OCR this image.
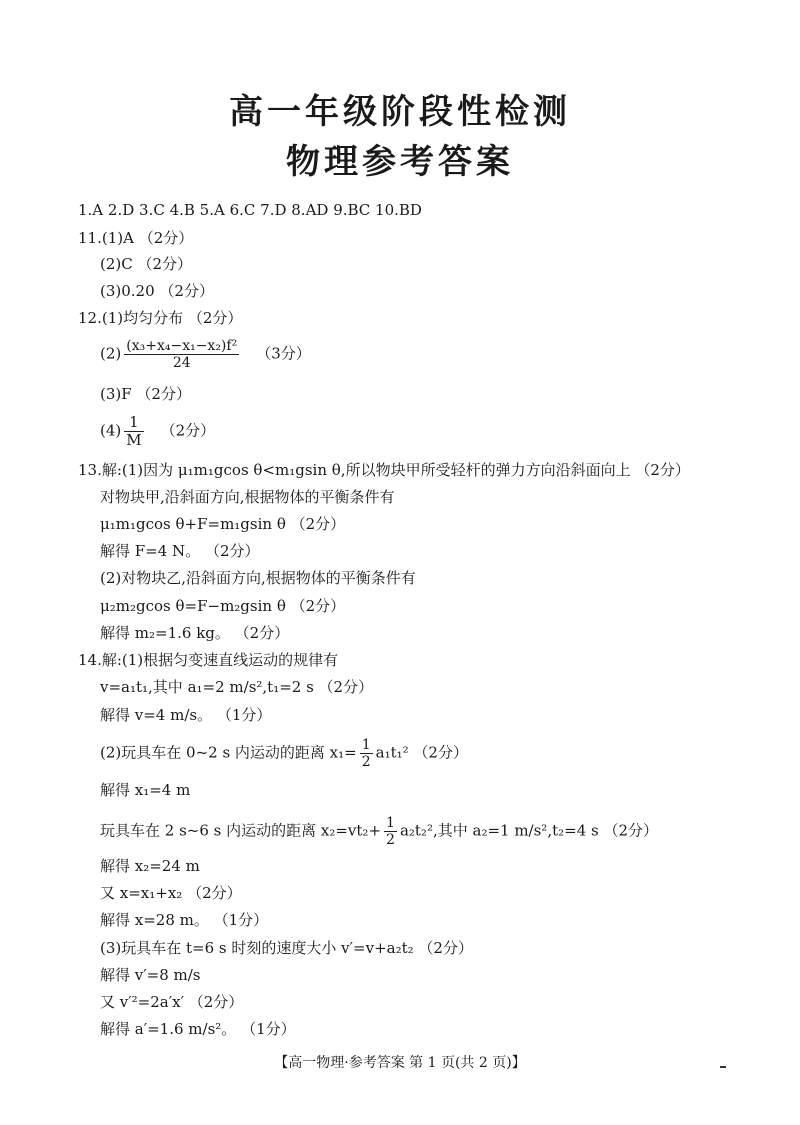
高一年级阶段性检测
物理参考答案
1.A 2.D 3.C 4.B 5.A 6.C 7.D 8.AD 9.BC 10.BD
11.(1)A （2分）
(2)C （2分）
(3)0.20 （2分）
12.(1)均匀分布 （2分）
$(2) \frac{\text{(x₃+x₄−x₁−x₂)f²}}{24} (3$分）
(3)F （2分）
$(4) \frac{1}{M} (2$分）
13.解:(1)因为 μ₁m₁gcos θ<m₁gsin θ,所以物块甲所受轻杆的弹力方向沿斜面向上 （2分）
对物块甲,沿斜面方向,根据物体的平衡条件有
μ₁m₁gcos θ+F=m₁gsin θ （2分）
解得 F=4 N。 （2分）
(2)对物块乙,沿斜面方向,根据物体的平衡条件有
μ₂m₂gcos θ=F−m₂gsin θ （2分）
解得 m₂=1.6 kg。 （2分）
14.解:(1)根据匀变速直线运动的规律有
v=a₁t₁,其中 a₁=2 m/s²,t₁=2 s （2分）
解得 v=4 m/s。 （1分）
(2)玩具车在 0~2 s 内运动的距离 $x_1= \frac{1}{2} a_1t_1^2$ （2分）
解得 x₁=4 m
玩具车在 2 s~6 s 内运动的距离 $x_2=vt_2+ \frac{1}{2} a_2t_2^2$,其中 a₂=1 m/s²,t₂=4 s （2分）
解得 x₂=24 m
又 x=x₁+x₂ （2分）
解得 x=28 m。 （1分）
(3)玩具车在 t=6 s 时刻的速度大小 v′=v+a₂t₂ （2分）
解得 v′=8 m/s
又 v′²=2a′x′ （2分）
解得 a′=1.6 m/s²。 （1分）
【高一物理·参考答案 第 1 页(共 2 页)】
